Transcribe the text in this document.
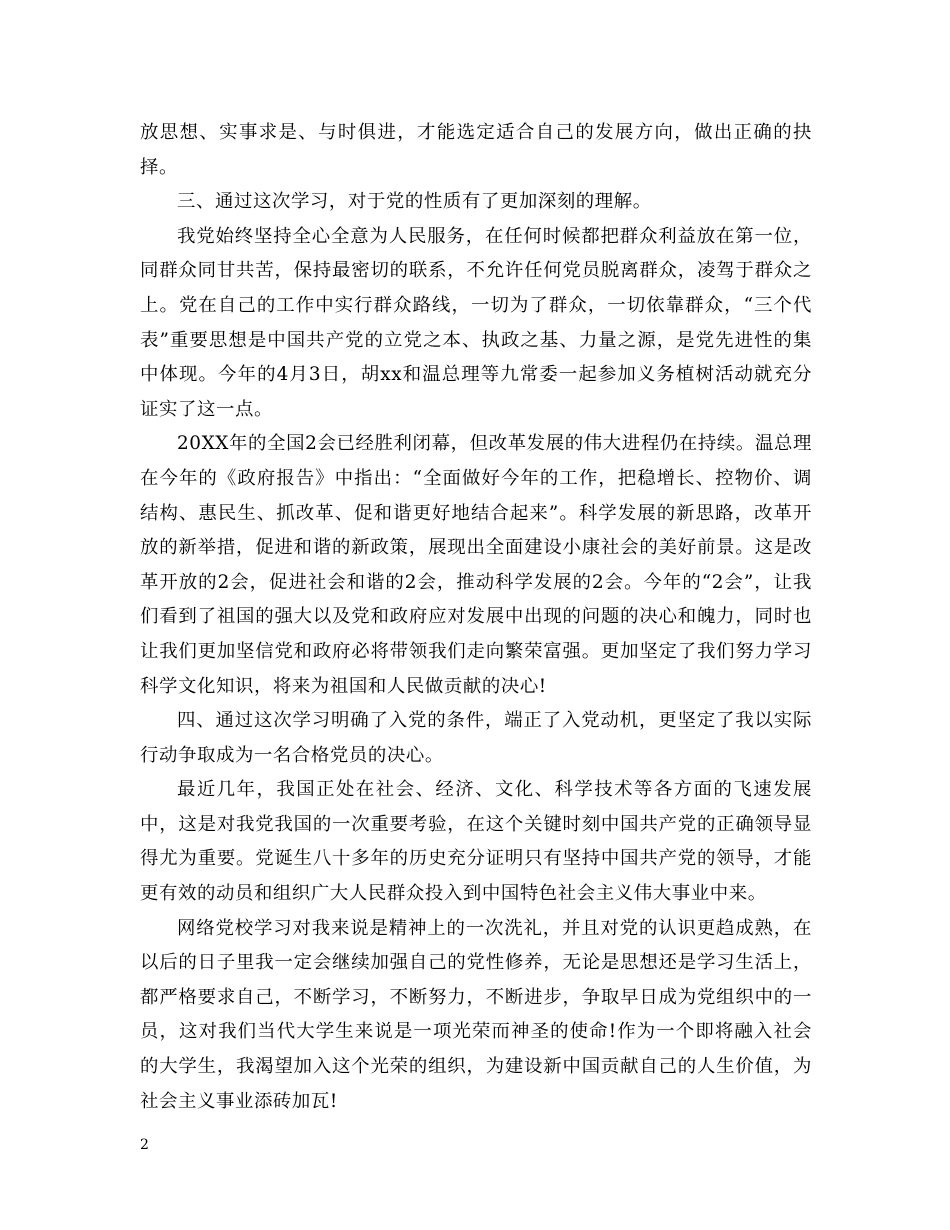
放思想、实事求是、与时俱进，才能选定适合自己的发展方向，做出正确的抉择。

三、通过这次学习，对于党的性质有了更加深刻的理解。

我党始终坚持全心全意为人民服务，在任何时候都把群众利益放在第一位，同群众同甘共苦，保持最密切的联系，不允许任何党员脱离群众，凌驾于群众之上。党在自己的工作中实行群众路线，一切为了群众，一切依靠群众，“三个代表”重要思想是中国共产党的立党之本、执政之基、力量之源，是党先进性的集中体现。今年的4月3日，胡xx和温总理等九常委一起参加义务植树活动就充分证实了这一点。

20XX年的全国2会已经胜利闭幕，但改革发展的伟大进程仍在持续。温总理在今年的《政府报告》中指出：“全面做好今年的工作，把稳增长、控物价、调结构、惠民生、抓改革、促和谐更好地结合起来”。科学发展的新思路，改革开放的新举措，促进和谐的新政策，展现出全面建设小康社会的美好前景。这是改革开放的2会，促进社会和谐的2会，推动科学发展的2会。今年的“2会”，让我们看到了祖国的强大以及党和政府应对发展中出现的问题的决心和魄力，同时也让我们更加坚信党和政府必将带领我们走向繁荣富强。更加坚定了我们努力学习科学文化知识，将来为祖国和人民做贡献的决心!

四、通过这次学习明确了入党的条件，端正了入党动机，更坚定了我以实际行动争取成为一名合格党员的决心。

最近几年，我国正处在社会、经济、文化、科学技术等各方面的飞速发展中，这是对我党我国的一次重要考验，在这个关键时刻中国共产党的正确领导显得尤为重要。党诞生八十多年的历史充分证明只有坚持中国共产党的领导，才能更有效的动员和组织广大人民群众投入到中国特色社会主义伟大事业中来。

网络党校学习对我来说是精神上的一次洗礼，并且对党的认识更趋成熟，在以后的日子里我一定会继续加强自己的党性修养，无论是思想还是学习生活上，都严格要求自己，不断学习，不断努力，不断进步，争取早日成为党组织中的一员，这对我们当代大学生来说是一项光荣而神圣的使命!作为一个即将融入社会的大学生，我渴望加入这个光荣的组织，为建设新中国贡献自己的人生价值，为社会主义事业添砖加瓦!

2
